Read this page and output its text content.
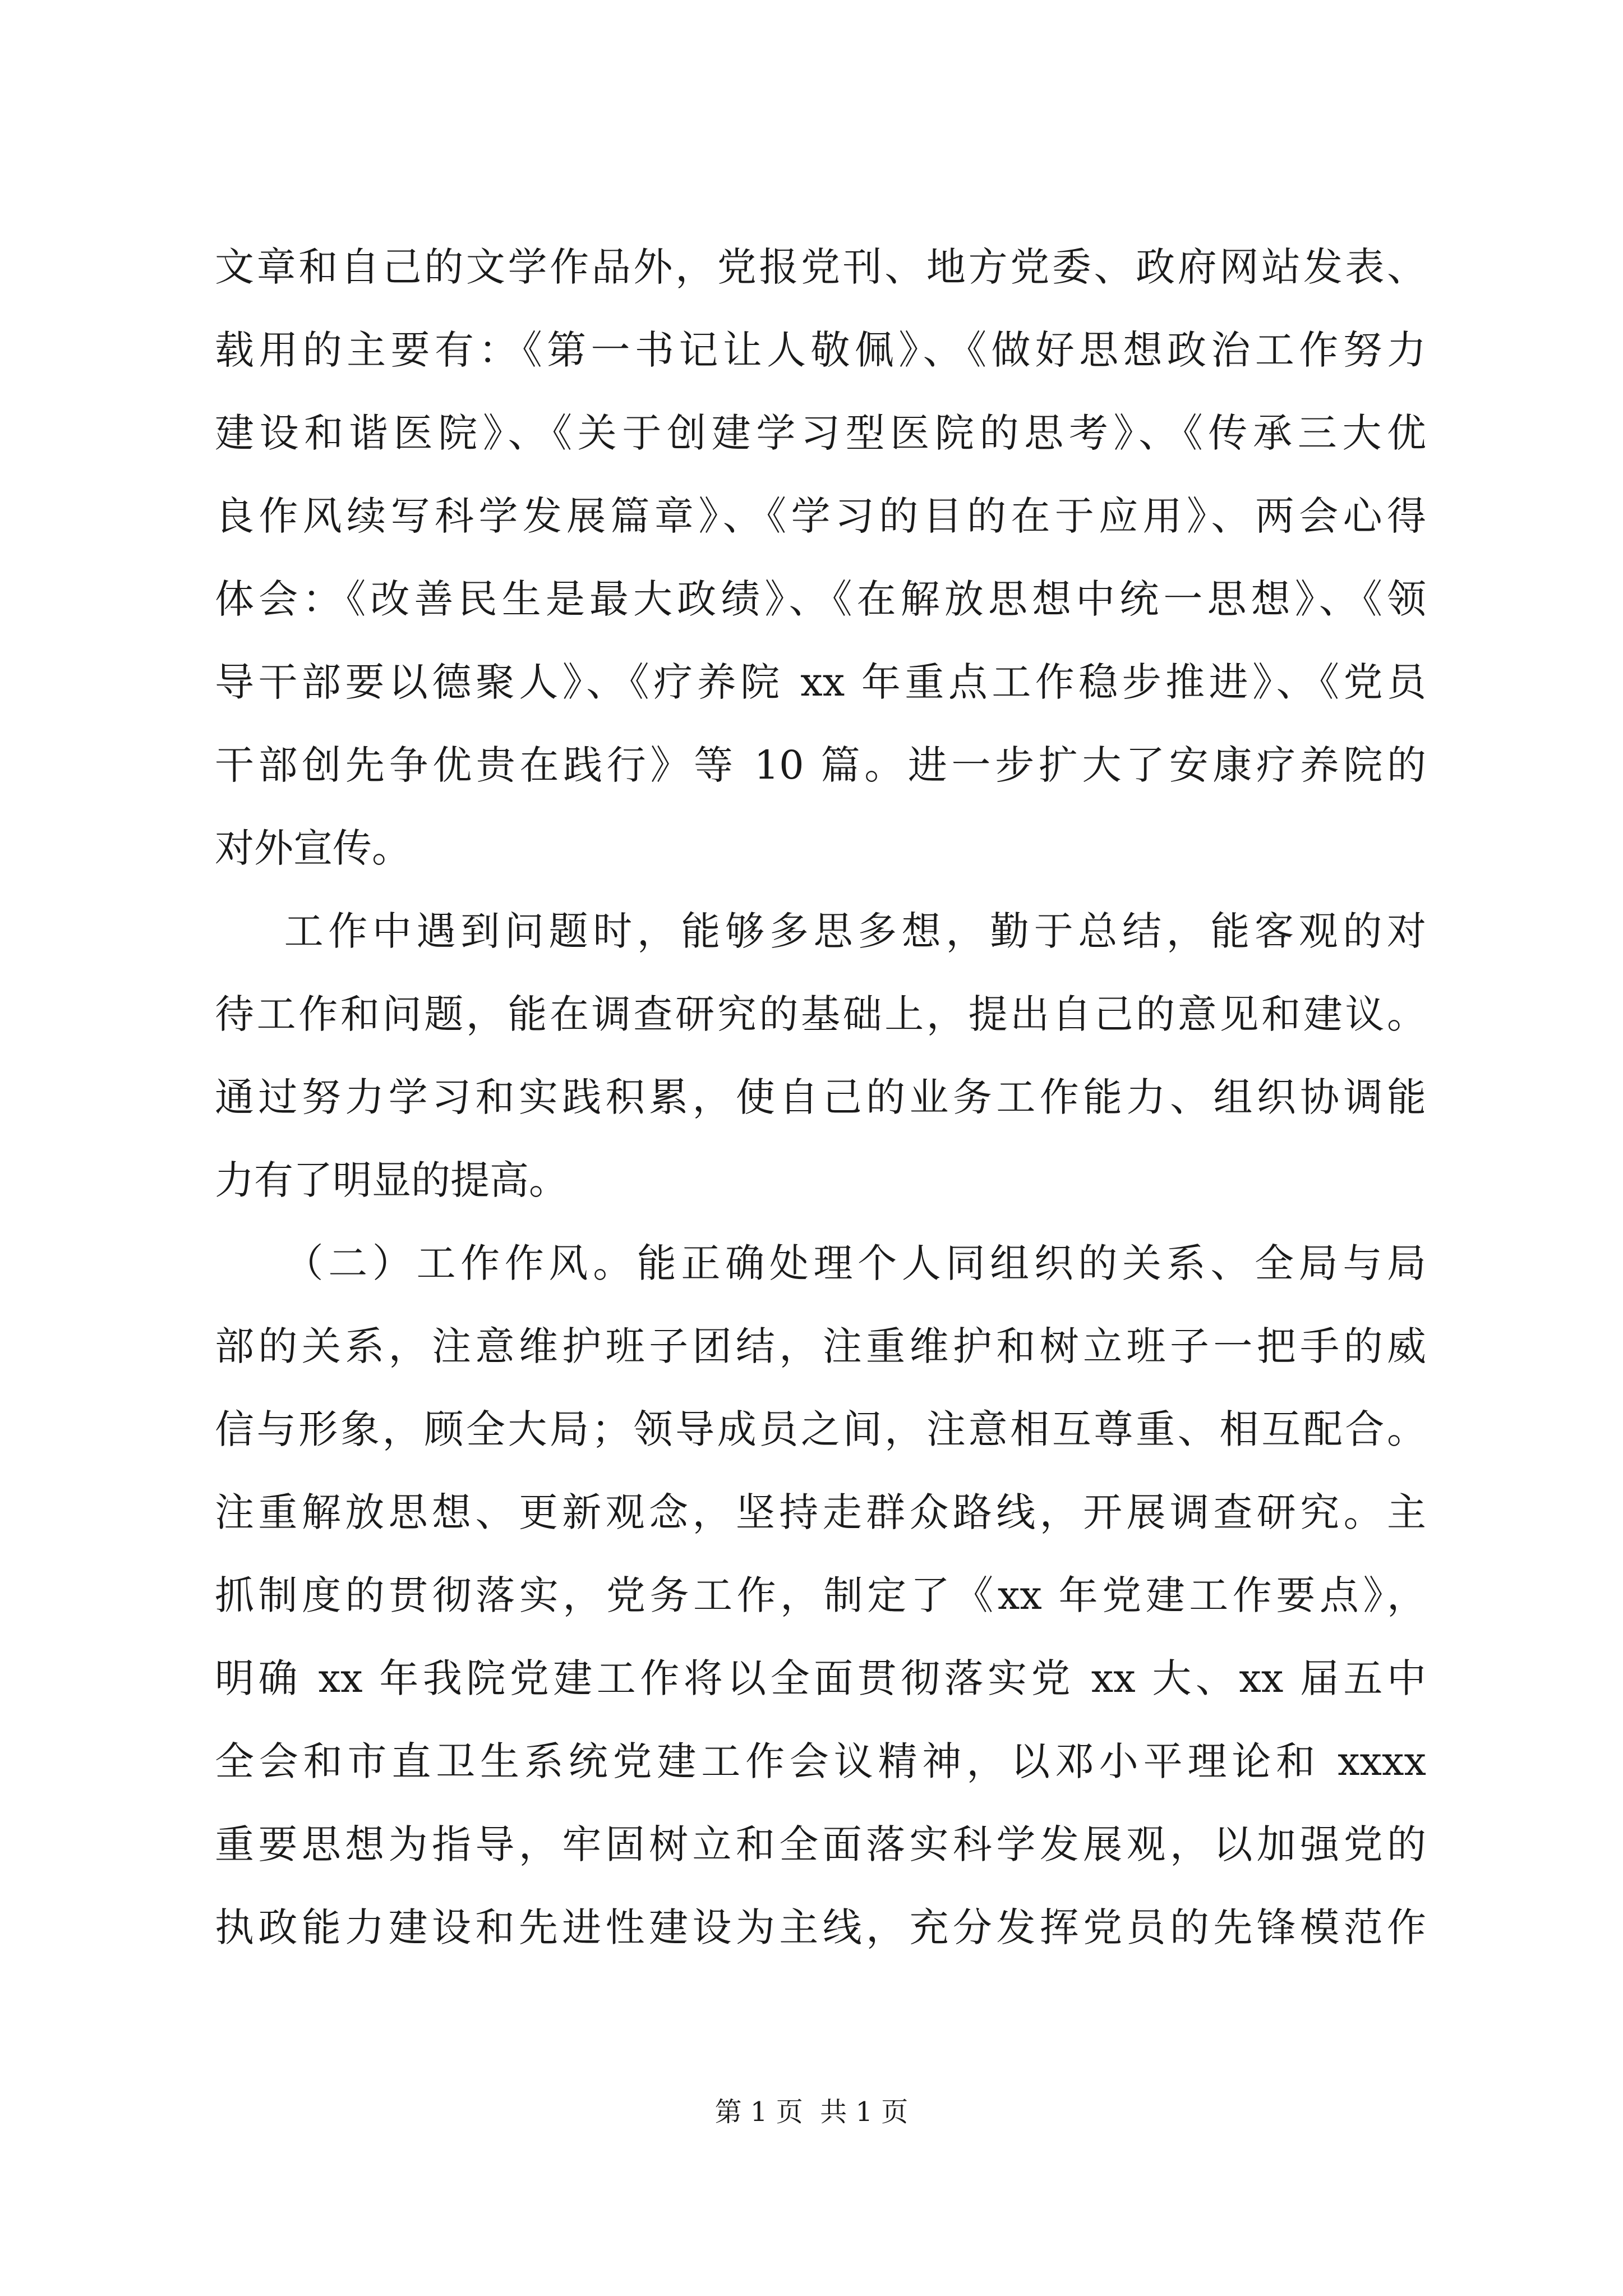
文章和自己的文学作品外，党报党刊、地方党委、政府网站发表、
载用的主要有：《第一书记让人敬佩》、《做好思想政治工作努力
建设和谐医院》、《关于创建学习型医院的思考》、《传承三大优
良作风续写科学发展篇章》、《学习的目的在于应用》、两会心得
体会：《改善民生是最大政绩》、《在解放思想中统一思想》、《领
导干部要以德聚人》、《疗养院 xx 年重点工作稳步推进》、《党员
干部创先争优贵在践行》等 10 篇。进一步扩大了安康疗养院的
对外宣传。
工作中遇到问题时，能够多思多想，勤于总结，能客观的对
待工作和问题，能在调查研究的基础上，提出自己的意见和建议。
通过努力学习和实践积累，使自己的业务工作能力、组织协调能
力有了明显的提高。
（二）工作作风。能正确处理个人同组织的关系、全局与局
部的关系，注意维护班子团结，注重维护和树立班子一把手的威
信与形象，顾全大局；领导成员之间，注意相互尊重、相互配合。
注重解放思想、更新观念，坚持走群众路线，开展调查研究。主
抓制度的贯彻落实，党务工作，制定了《xx 年党建工作要点》，
明确 xx 年我院党建工作将以全面贯彻落实党 xx 大、xx 届五中
全会和市直卫生系统党建工作会议精神，以邓小平理论和 xxxx
重要思想为指导，牢固树立和全面落实科学发展观，以加强党的
执政能力建设和先进性建设为主线，充分发挥党员的先锋模范作
第 1 页  共 1 页
